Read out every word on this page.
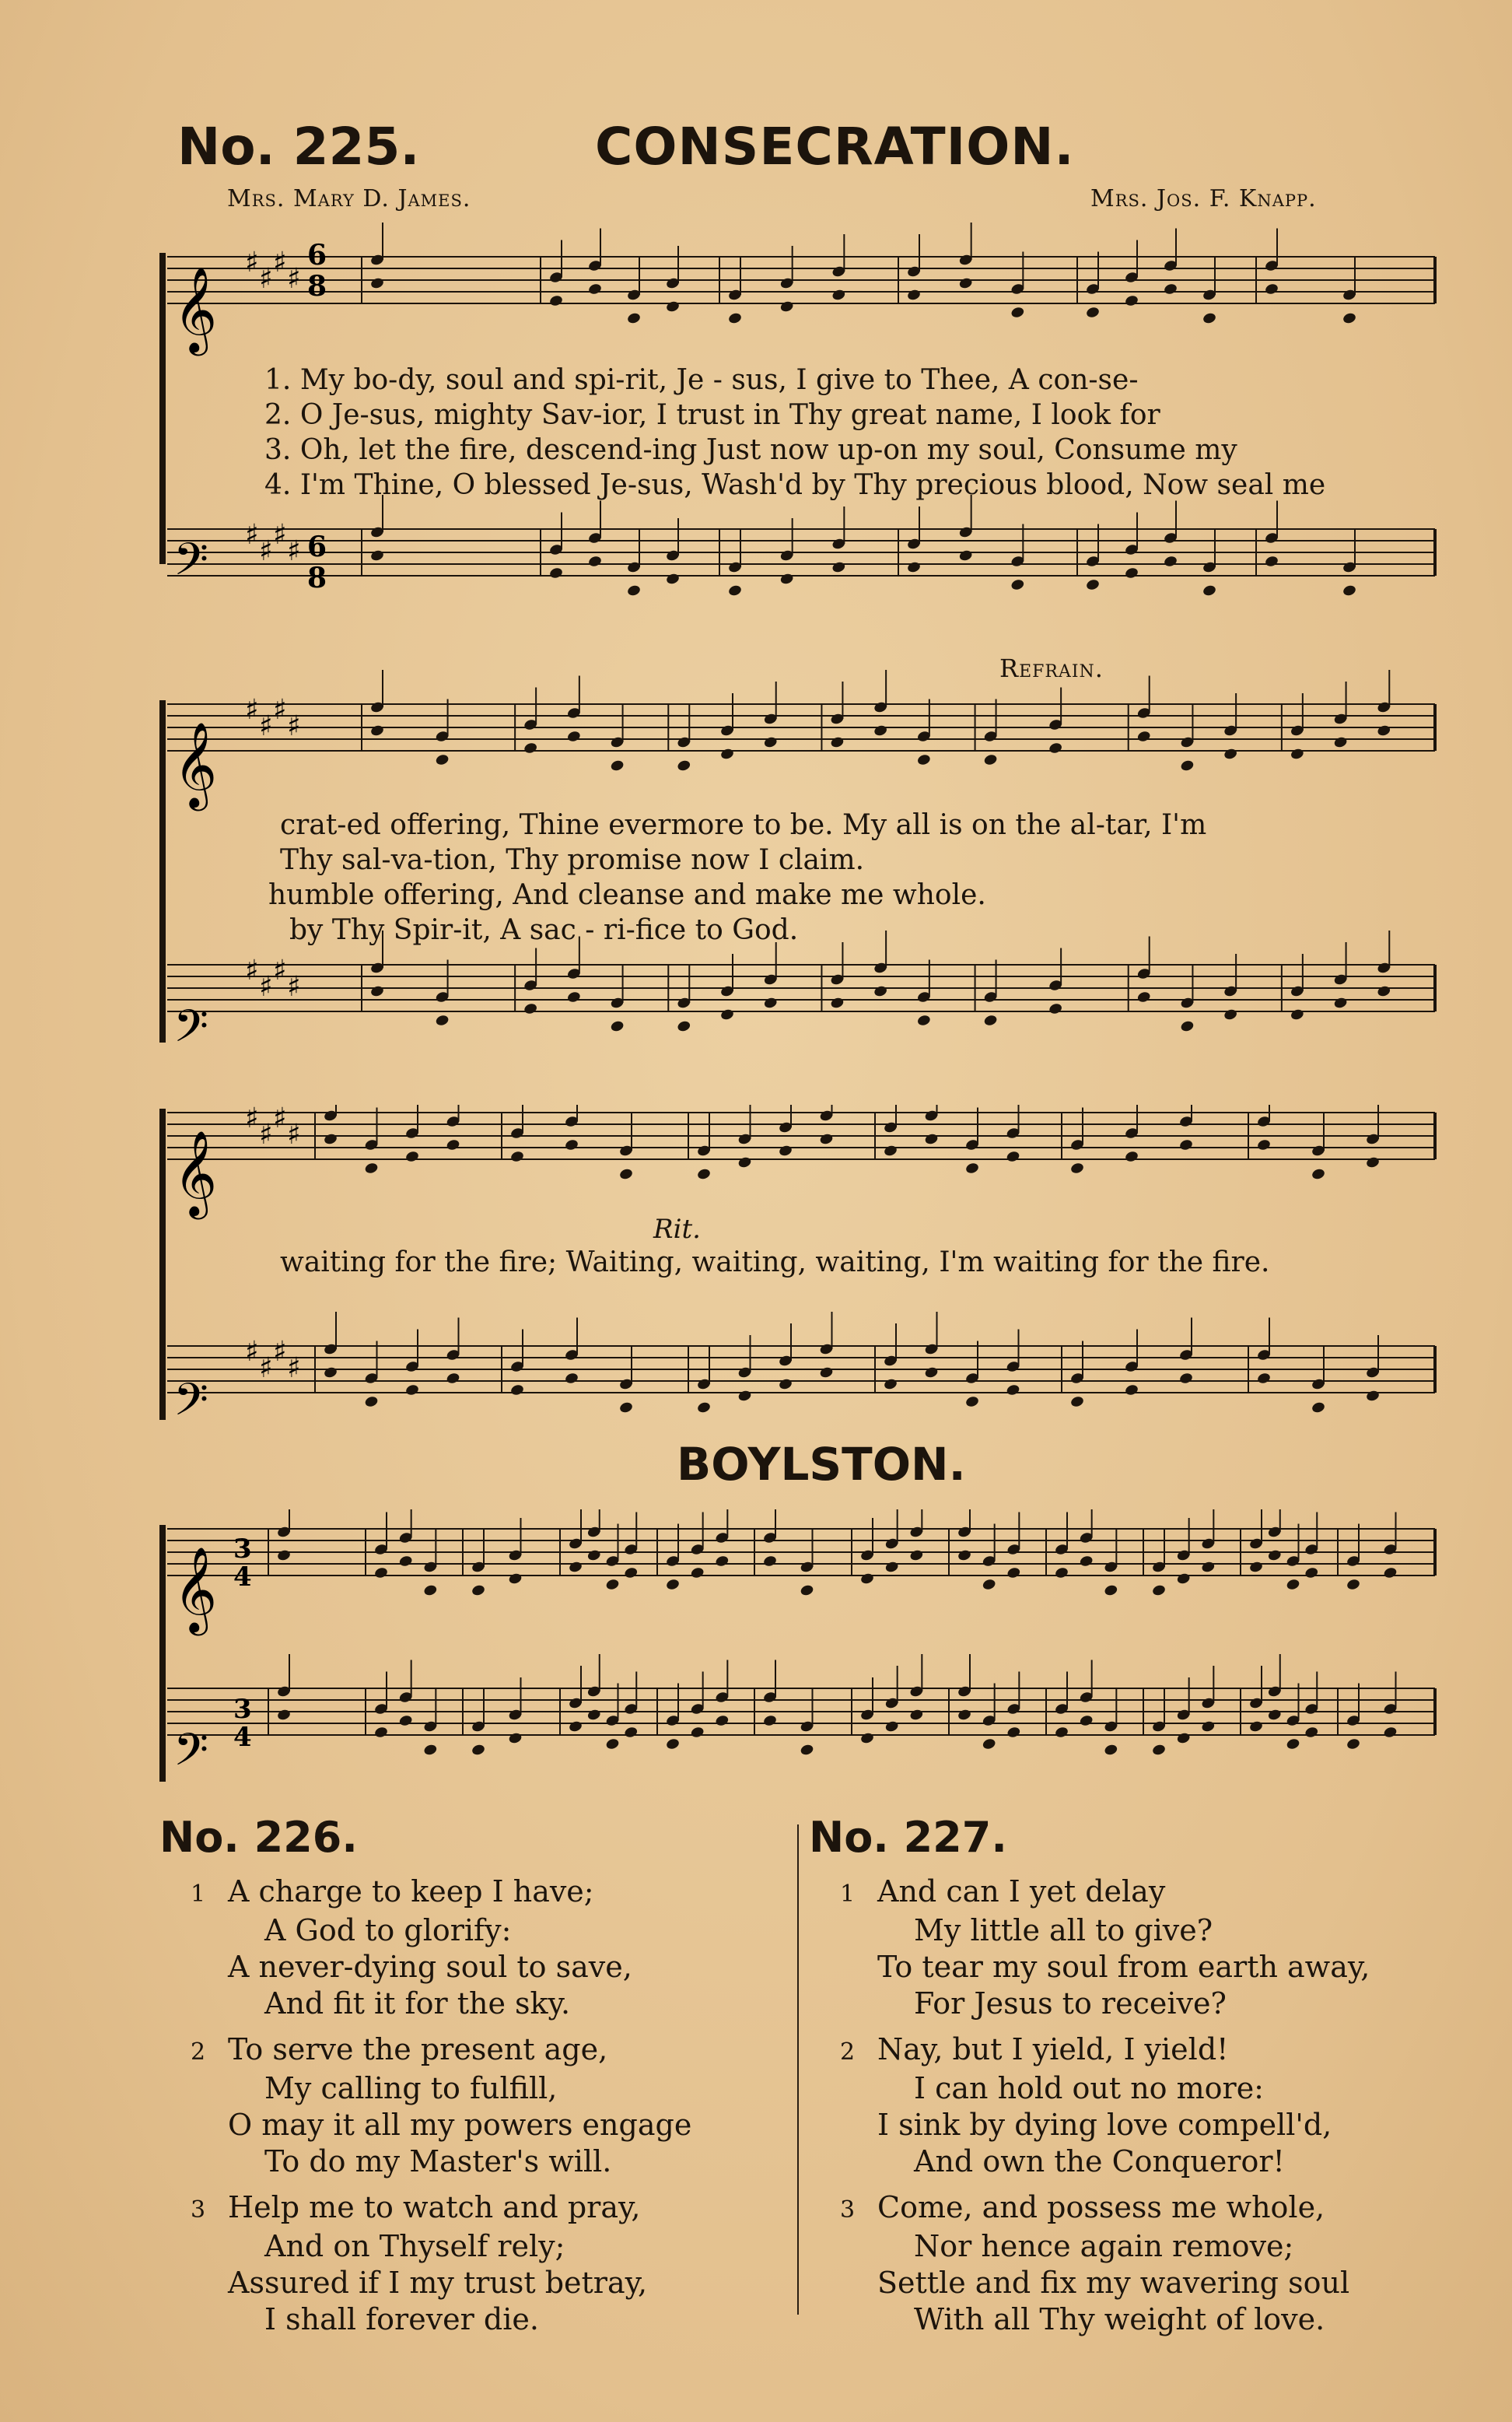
No. 225.	CONSECRATION.
Mrs. Mary D. James.	Mrs. Jos. F. Knapp.
♯
♯
♯
♯
♯
♯
♯
♯
𝄞
𝄢
6
8
6
8
1. My bo-dy, soul and spi-rit, Je - sus, I give to Thee, A con-se-
2. O Je-sus, mighty Sav-ior, I trust in Thy great name, I look for
3. Oh, let the fire, descend-ing Just now up-on my soul, Consume my
4. I'm Thine, O blessed Je-sus, Wash'd by Thy precious blood, Now seal me
Refrain.
♯
♯
♯
♯
♯
♯
♯
♯
𝄞
𝄢
crat-ed offering, Thine evermore to be. My all is on the al-tar, I'm
Thy sal-va-tion, Thy promise now I claim.
humble offering, And cleanse and make me whole.
by Thy Spir-it, A sac - ri-fice to God.
♯
♯
♯
♯
♯
♯
♯
♯
𝄞
𝄢
Rit.
waiting for the fire; Waiting, waiting, waiting, I'm waiting for the fire.
BOYLSTON.
𝄞
𝄢
3
4
3
4
No. 226.
1 A charge to keep I have;
A God to glorify:
A never-dying soul to save,
And fit it for the sky.
2 To serve the present age,
My calling to fulfill,
O may it all my powers engage
To do my Master's will.
3 Help me to watch and pray,
And on Thyself rely;
Assured if I my trust betray,
I shall forever die.
No. 227.
1 And can I yet delay
My little all to give?
To tear my soul from earth away,
For Jesus to receive?
2 Nay, but I yield, I yield!
I can hold out no more:
I sink by dying love compell'd,
And own the Conqueror!
3 Come, and possess me whole,
Nor hence again remove;
Settle and fix my wavering soul
With all Thy weight of love.
